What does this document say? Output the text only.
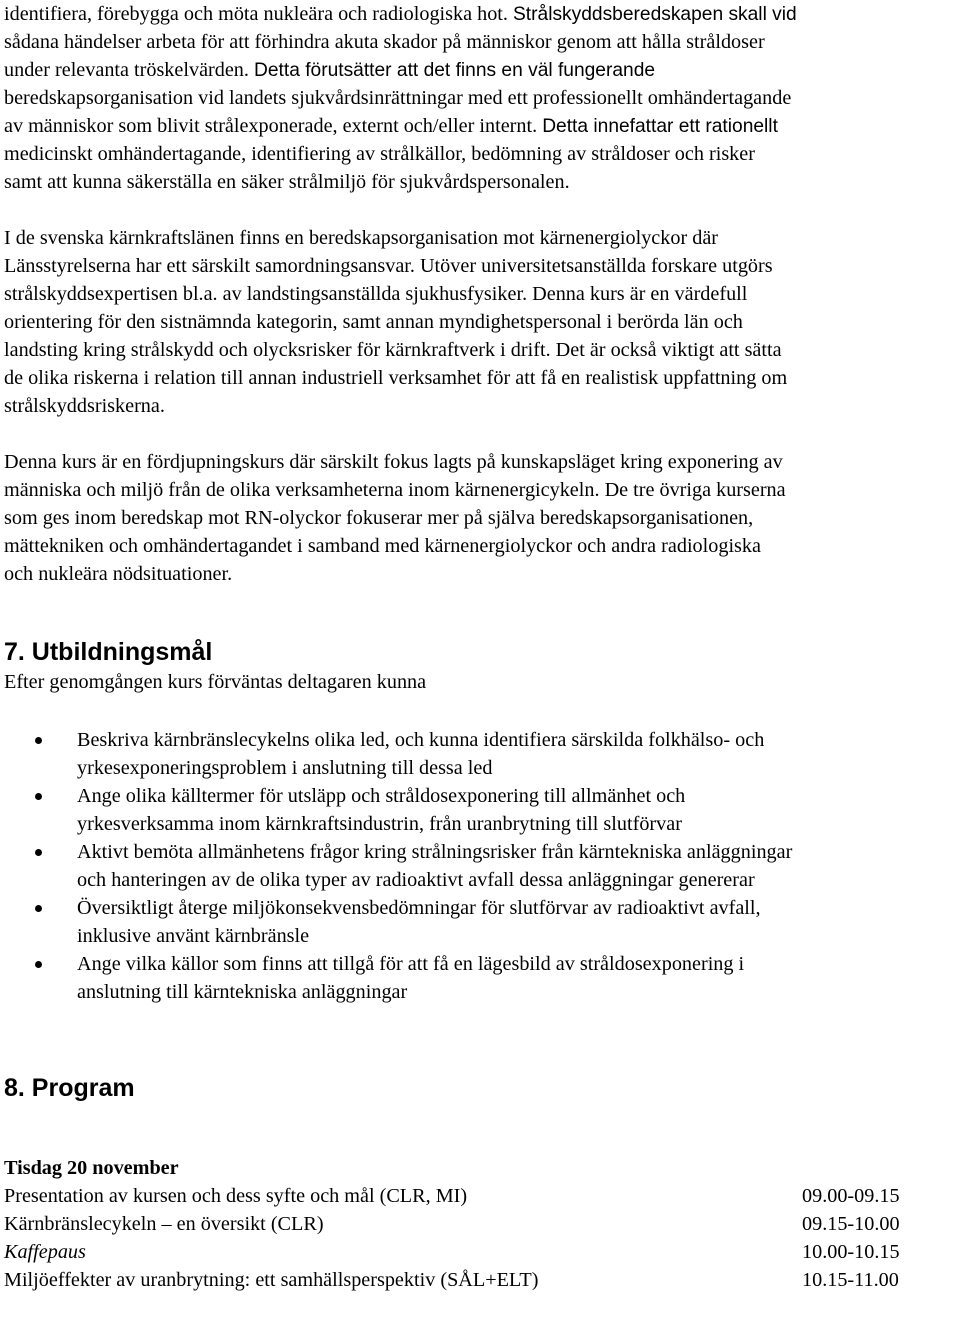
identifiera, förebygga och möta nukleära och radiologiska hot. Strålskyddsberedskapen skall vid
sådana händelser arbeta för att förhindra akuta skador på människor genom att hålla stråldoser
under relevanta tröskelvärden. Detta förutsätter att det finns en väl fungerande
beredskapsorganisation vid landets sjukvårdsinrättningar med ett professionellt omhändertagande
av människor som blivit strålexponerade, externt och/eller internt. Detta innefattar ett rationellt
medicinskt omhändertagande, identifiering av strålkällor, bedömning av stråldoser och risker
samt att kunna säkerställa en säker strålmiljö för sjukvårdspersonalen.
I de svenska kärnkraftslänen finns en beredskapsorganisation mot kärnenergiolyckor där
Länsstyrelserna har ett särskilt samordningsansvar. Utöver universitetsanställda forskare utgörs
strålskyddsexpertisen bl.a. av landstingsanställda sjukhusfysiker. Denna kurs är en värdefull
orientering för den sistnämnda kategorin, samt annan myndighetspersonal i berörda län och
landsting kring strålskydd och olycksrisker för kärnkraftverk i drift. Det är också viktigt att sätta
de olika riskerna i relation till annan industriell verksamhet för att få en realistisk uppfattning om
strålskyddsriskerna.
Denna kurs är en fördjupningskurs där särskilt fokus lagts på kunskapsläget kring exponering av
människa och miljö från de olika verksamheterna inom kärnenergicykeln. De tre övriga kurserna
som ges inom beredskap mot RN-olyckor fokuserar mer på själva beredskapsorganisationen,
mättekniken och omhändertagandet i samband med kärnenergiolyckor och andra radiologiska
och nukleära nödsituationer.
7. Utbildningsmål
Efter genomgången kurs förväntas deltagaren kunna
Beskriva kärnbränslecykelns olika led, och kunna identifiera särskilda folkhälso- och
yrkesexponeringsproblem i anslutning till dessa led
Ange olika källtermer för utsläpp och stråldosexponering till allmänhet och
yrkesverksamma inom kärnkraftsindustrin, från uranbrytning till slutförvar
Aktivt bemöta allmänhetens frågor kring strålningsrisker från kärntekniska anläggningar
och hanteringen av de olika typer av radioaktivt avfall dessa anläggningar genererar
Översiktligt återge miljökonsekvensbedömningar för slutförvar av radioaktivt avfall,
inklusive använt kärnbränsle
Ange vilka källor som finns att tillgå för att få en lägesbild av stråldosexponering i
anslutning till kärntekniska anläggningar
8. Program
Tisdag 20 november
Presentation av kursen och dess syfte och mål (CLR, MI)	09.00-09.15
Kärnbränslecykeln – en översikt (CLR)	09.15-10.00
Kaffepaus	10.00-10.15
Miljöeffekter av uranbrytning: ett samhällsperspektiv (SÅL+ELT)	10.15-11.00
